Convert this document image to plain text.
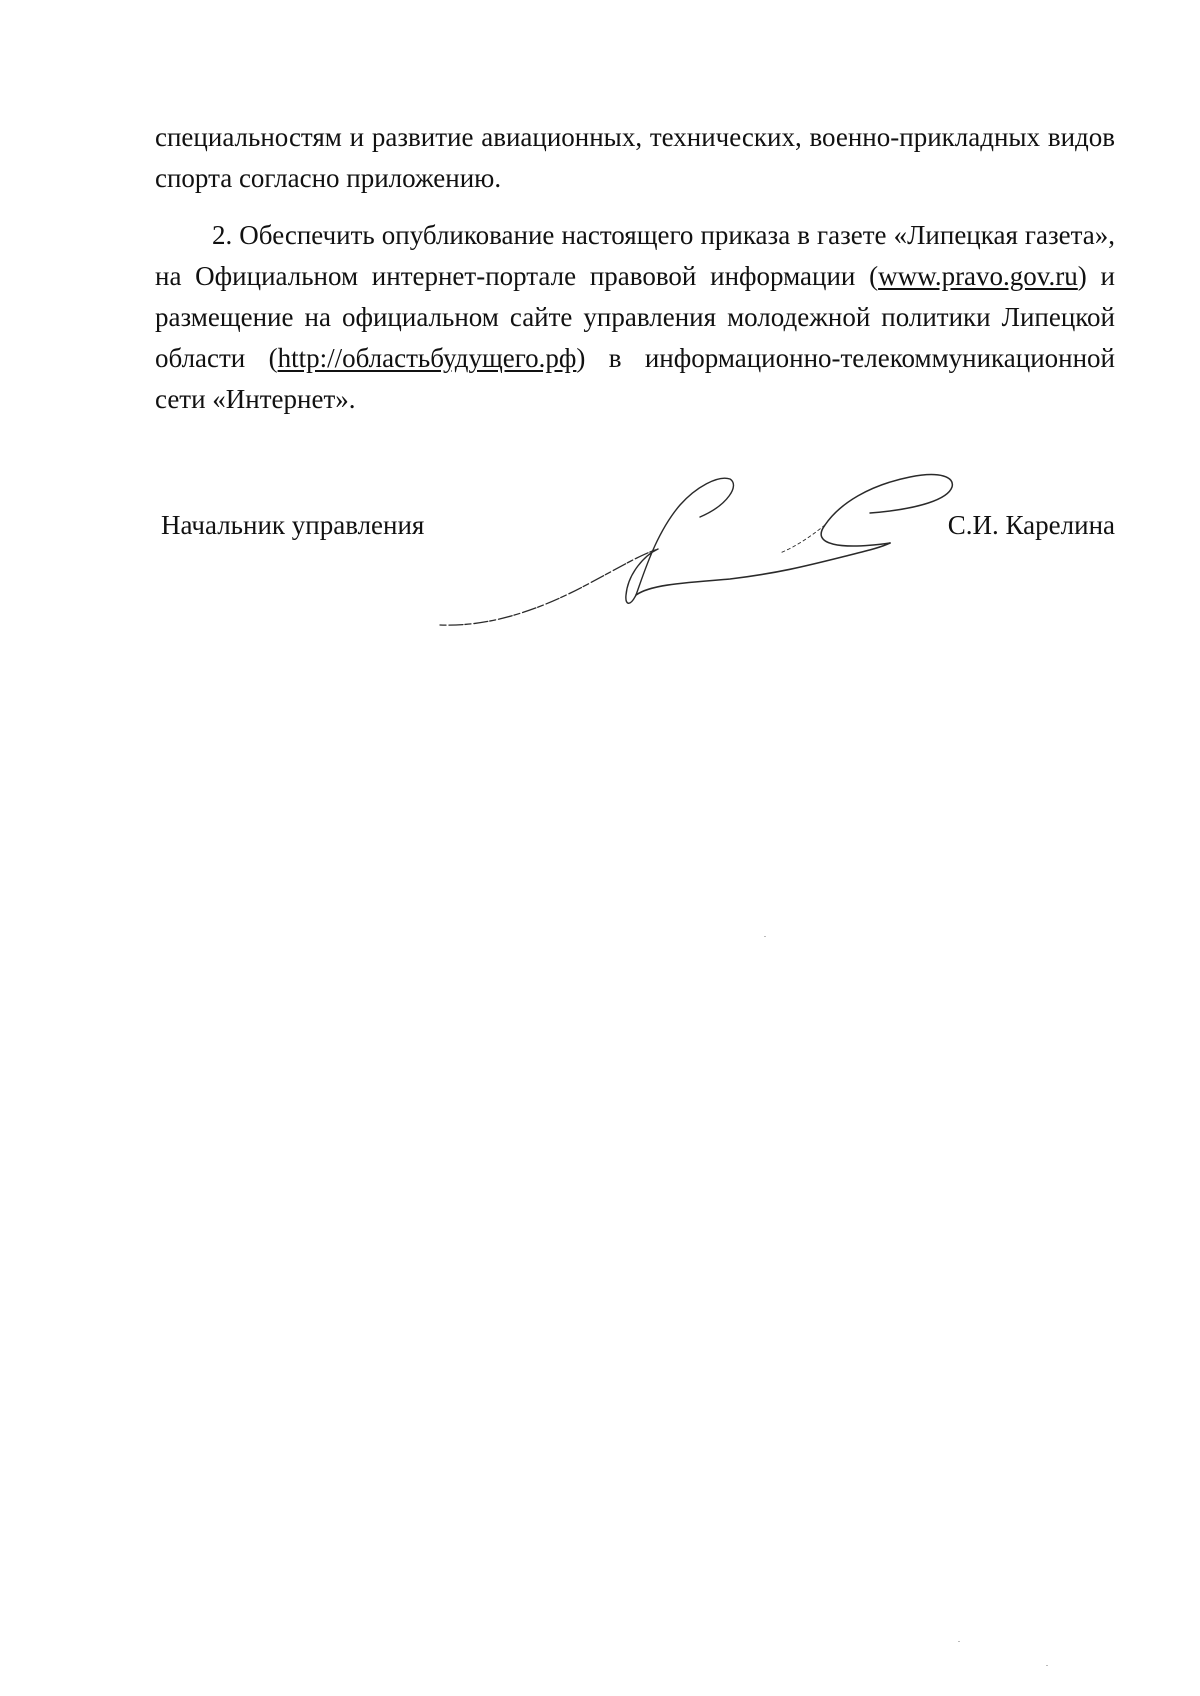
специальностям и развитие авиационных, технических, военно-прикладных видов спорта согласно приложению.

2. Обеспечить опубликование настоящего приказа в газете «Липецкая газета», на Официальном интернет-портале правовой информации (www.pravo.gov.ru) и размещение на официальном сайте управления молодежной политики Липецкой области (http://областьбудущего.рф) в информационно-телекоммуникационной сети «Интернет».

Начальник управления	С.И. Карелина
